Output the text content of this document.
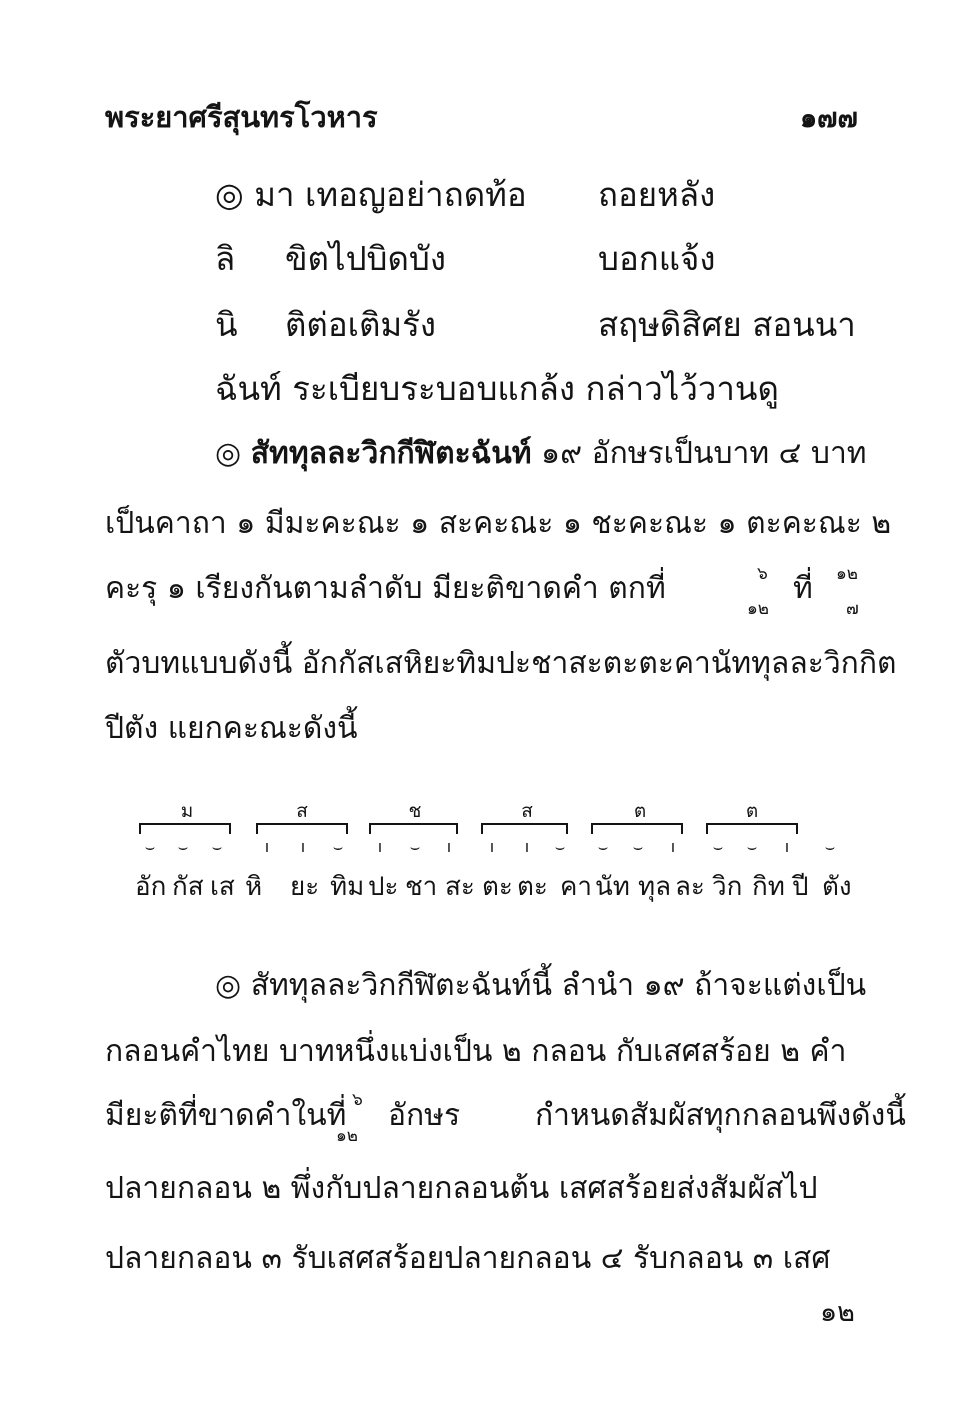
พระยาศรีสุนทรโวหาร	๑๗๗
◎ มา เทอญอย่าถดท้อ ถอยหลัง
ลิ ขิตไปบิดบัง	บอกแจ้ง
นิ ติต่อเติมรัง	สฤษดิสิศย สอนนา
ฉันท์ ระเบียบระบอบแกล้ง กล่าวไว้วานดู
◎ สัททุลละวิกกีฬิตะฉันท์ ๑๙ อักษรเป็นบาท ๔ บาท
เป็นคาถา ๑ มีมะคะณะ ๑ สะคะณะ ๑ ชะคะณะ ๑ ตะคะณะ ๒
คะรุ ๑ เรียงกันตามลำดับ มียะติขาดคำ ตกที่	๖
๑๒
ที่ ๑๒
๗
ตัวบทแบบดังนี้ อักกัสเสหิยะทิมปะชาสะตะตะคานัททุลละวิกกิต
ปีตัง แยกคะณะดังนี้
ม	ส	ช	ส	ต	ต
⌣ ⌣ ⌣	ı ı ⌣ ı ⌣ ı ı ı ⌣ ⌣ ⌣ ı ⌣ ⌣ ı ⌣
อัก กัส เส หิ ยะ ทิม ปะ ชา สะ ตะ ตะ คา นัท ทุล ละ วิก กิท ปี ตัง
◎ สัททุลละวิกกีฬิตะฉันท์นี้ ลำนำ ๑๙ ถ้าจะแต่งเป็น
กลอนคำไทย บาทหนึ่งแบ่งเป็น ๒ กลอน กับเสศสร้อย ๒ คำ
มียะติที่ขาดคำในที่ ๖
๑๒
อักษร กำหนดสัมผัสทุกกลอนพึงดังนี้
ปลายกลอน ๒ พึ่งกับปลายกลอนต้น เสศสร้อยส่งสัมผัสไป
ปลายกลอน ๓ รับเสศสร้อยปลายกลอน ๔ รับกลอน ๓ เสศ
๑๒
